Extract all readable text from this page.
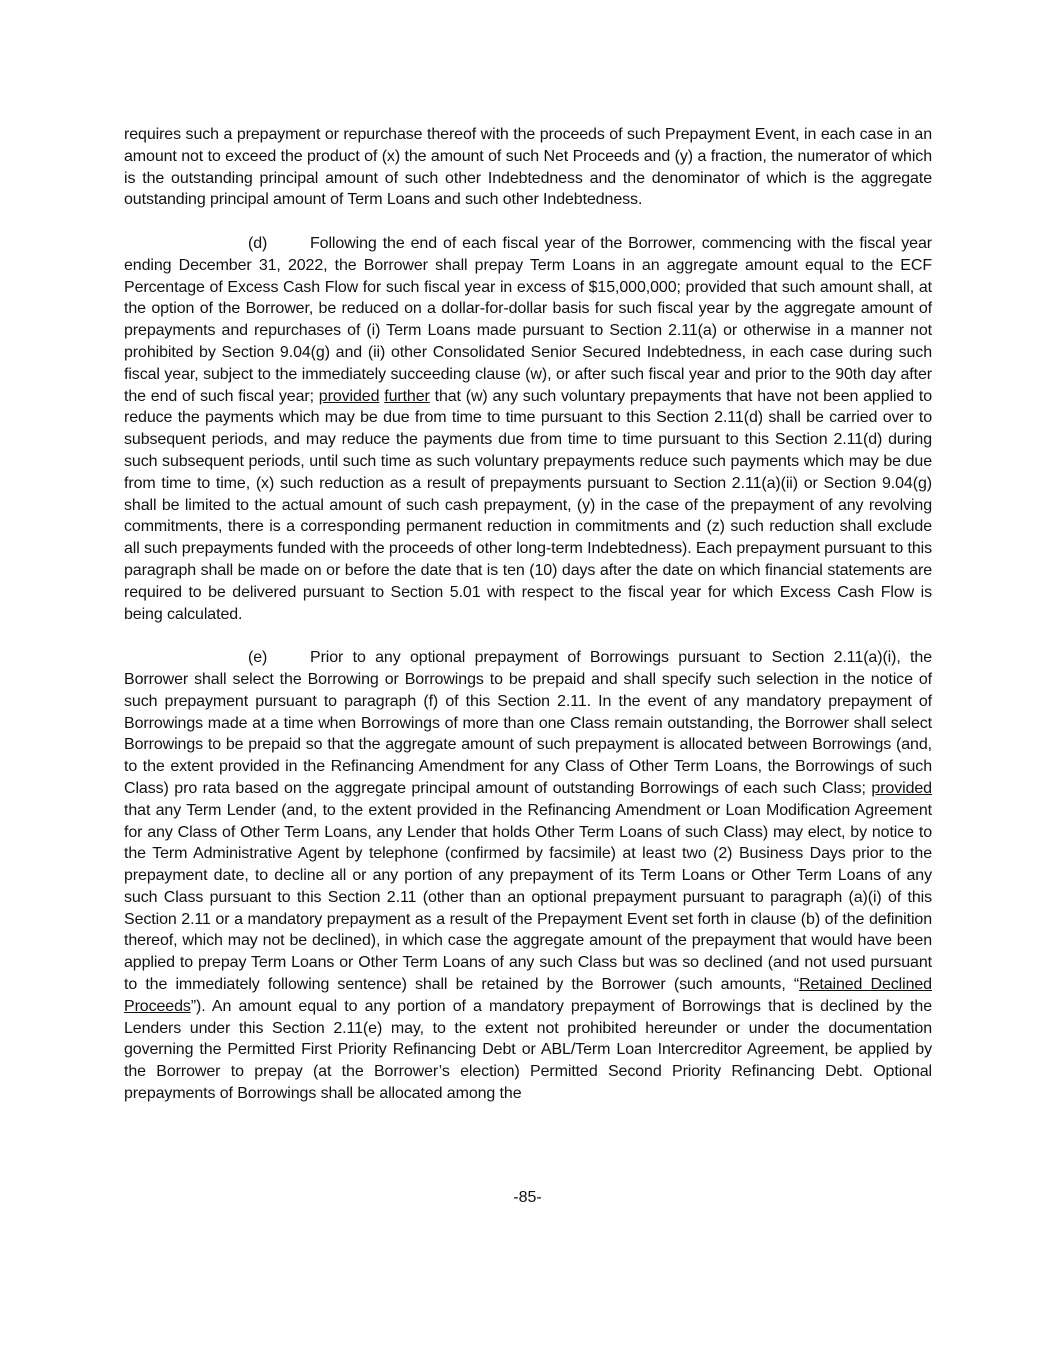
requires such a prepayment or repurchase thereof with the proceeds of such Prepayment Event, in each case in an amount not to exceed the product of (x) the amount of such Net Proceeds and (y) a fraction, the numerator of which is the outstanding principal amount of such other Indebtedness and the denominator of which is the aggregate outstanding principal amount of Term Loans and such other Indebtedness.

(d)	Following the end of each fiscal year of the Borrower, commencing with the fiscal year ending December 31, 2022, the Borrower shall prepay Term Loans in an aggregate amount equal to the ECF Percentage of Excess Cash Flow for such fiscal year in excess of $15,000,000; provided that such amount shall, at the option of the Borrower, be reduced on a dollar-for-dollar basis for such fiscal year by the aggregate amount of prepayments and repurchases of (i) Term Loans made pursuant to Section 2.11(a) or otherwise in a manner not prohibited by Section 9.04(g) and (ii) other Consolidated Senior Secured Indebtedness, in each case during such fiscal year, subject to the immediately succeeding clause (w), or after such fiscal year and prior to the 90th day after the end of such fiscal year; provided further that (w) any such voluntary prepayments that have not been applied to reduce the payments which may be due from time to time pursuant to this Section 2.11(d) shall be carried over to subsequent periods, and may reduce the payments due from time to time pursuant to this Section 2.11(d) during such subsequent periods, until such time as such voluntary prepayments reduce such payments which may be due from time to time, (x) such reduction as a result of prepayments pursuant to Section 2.11(a)(ii) or Section 9.04(g) shall be limited to the actual amount of such cash prepayment, (y) in the case of the prepayment of any revolving commitments, there is a corresponding permanent reduction in commitments and (z) such reduction shall exclude all such prepayments funded with the proceeds of other long-term Indebtedness). Each prepayment pursuant to this paragraph shall be made on or before the date that is ten (10) days after the date on which financial statements are required to be delivered pursuant to Section 5.01 with respect to the fiscal year for which Excess Cash Flow is being calculated.

(e)	Prior to any optional prepayment of Borrowings pursuant to Section 2.11(a)(i), the Borrower shall select the Borrowing or Borrowings to be prepaid and shall specify such selection in the notice of such prepayment pursuant to paragraph (f) of this Section 2.11. In the event of any mandatory prepayment of Borrowings made at a time when Borrowings of more than one Class remain outstanding, the Borrower shall select Borrowings to be prepaid so that the aggregate amount of such prepayment is allocated between Borrowings (and, to the extent provided in the Refinancing Amendment for any Class of Other Term Loans, the Borrowings of such Class) pro rata based on the aggregate principal amount of outstanding Borrowings of each such Class; provided that any Term Lender (and, to the extent provided in the Refinancing Amendment or Loan Modification Agreement for any Class of Other Term Loans, any Lender that holds Other Term Loans of such Class) may elect, by notice to the Term Administrative Agent by telephone (confirmed by facsimile) at least two (2) Business Days prior to the prepayment date, to decline all or any portion of any prepayment of its Term Loans or Other Term Loans of any such Class pursuant to this Section 2.11 (other than an optional prepayment pursuant to paragraph (a)(i) of this Section 2.11 or a mandatory prepayment as a result of the Prepayment Event set forth in clause (b) of the definition thereof, which may not be declined), in which case the aggregate amount of the prepayment that would have been applied to prepay Term Loans or Other Term Loans of any such Class but was so declined (and not used pursuant to the immediately following sentence) shall be retained by the Borrower (such amounts, “Retained Declined Proceeds”). An amount equal to any portion of a mandatory prepayment of Borrowings that is declined by the Lenders under this Section 2.11(e) may, to the extent not prohibited hereunder or under the documentation governing the Permitted First Priority Refinancing Debt or ABL/Term Loan Intercreditor Agreement, be applied by the Borrower to prepay (at the Borrower’s election) Permitted Second Priority Refinancing Debt. Optional prepayments of Borrowings shall be allocated among the

-85-
